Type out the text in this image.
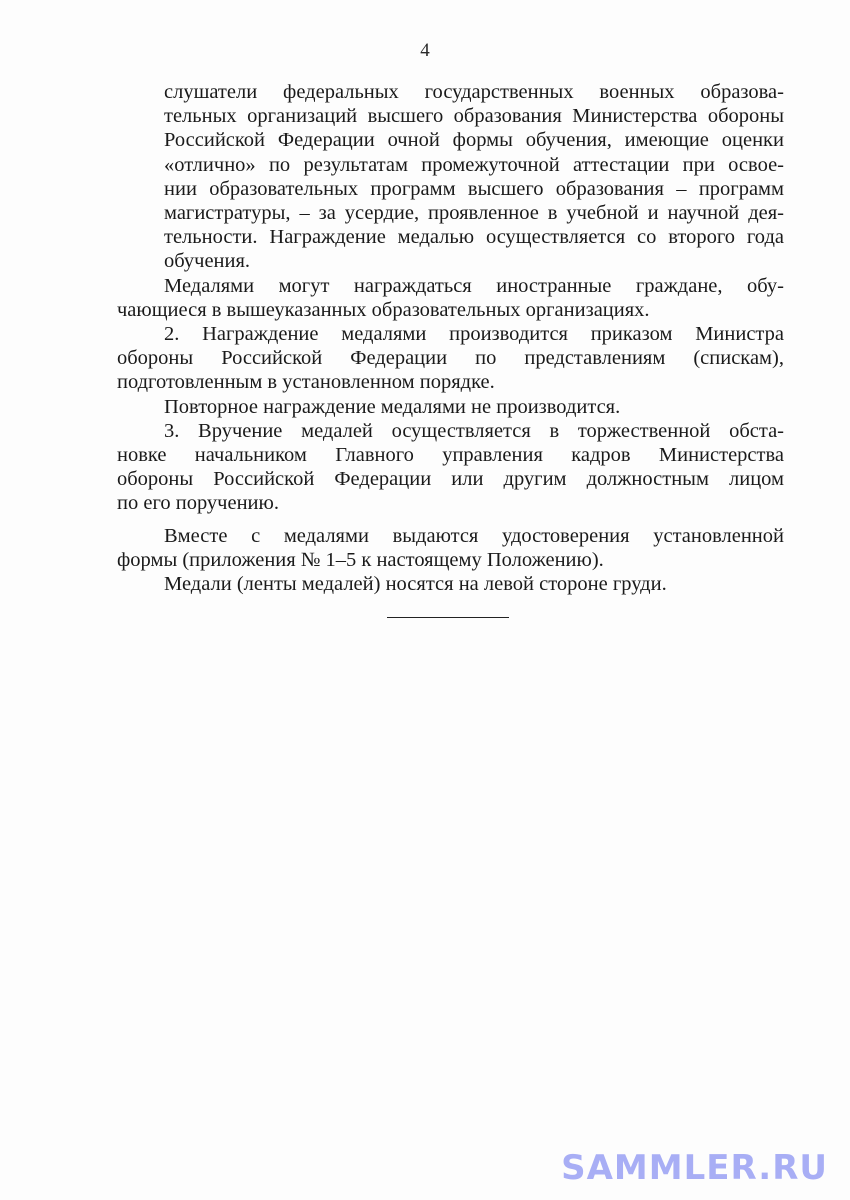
4

слушатели федеральных государственных военных образова-
тельных организаций высшего образования Министерства обороны
Российской Федерации очной формы обучения, имеющие оценки
«отлично» по результатам промежуточной аттестации при освое-
нии образовательных программ высшего образования – программ
магистратуры, – за усердие, проявленное в учебной и научной дея-
тельности. Награждение медалью осуществляется со второго года
обучения.

Медалями могут награждаться иностранные граждане, обу-
чающиеся в вышеуказанных образовательных организациях.

2. Награждение медалями производится приказом Министра
обороны Российской Федерации по представлениям (спискам),
подготовленным в установленном порядке.

Повторное награждение медалями не производится.

3. Вручение медалей осуществляется в торжественной обста-
новке начальником Главного управления кадров Министерства
обороны Российской Федерации или другим должностным лицом
по его поручению.

Вместе с медалями выдаются удостоверения установленной
формы (приложения № 1–5 к настоящему Положению).

Медали (ленты медалей) носятся на левой стороне груди.

SAMMLER.RU
